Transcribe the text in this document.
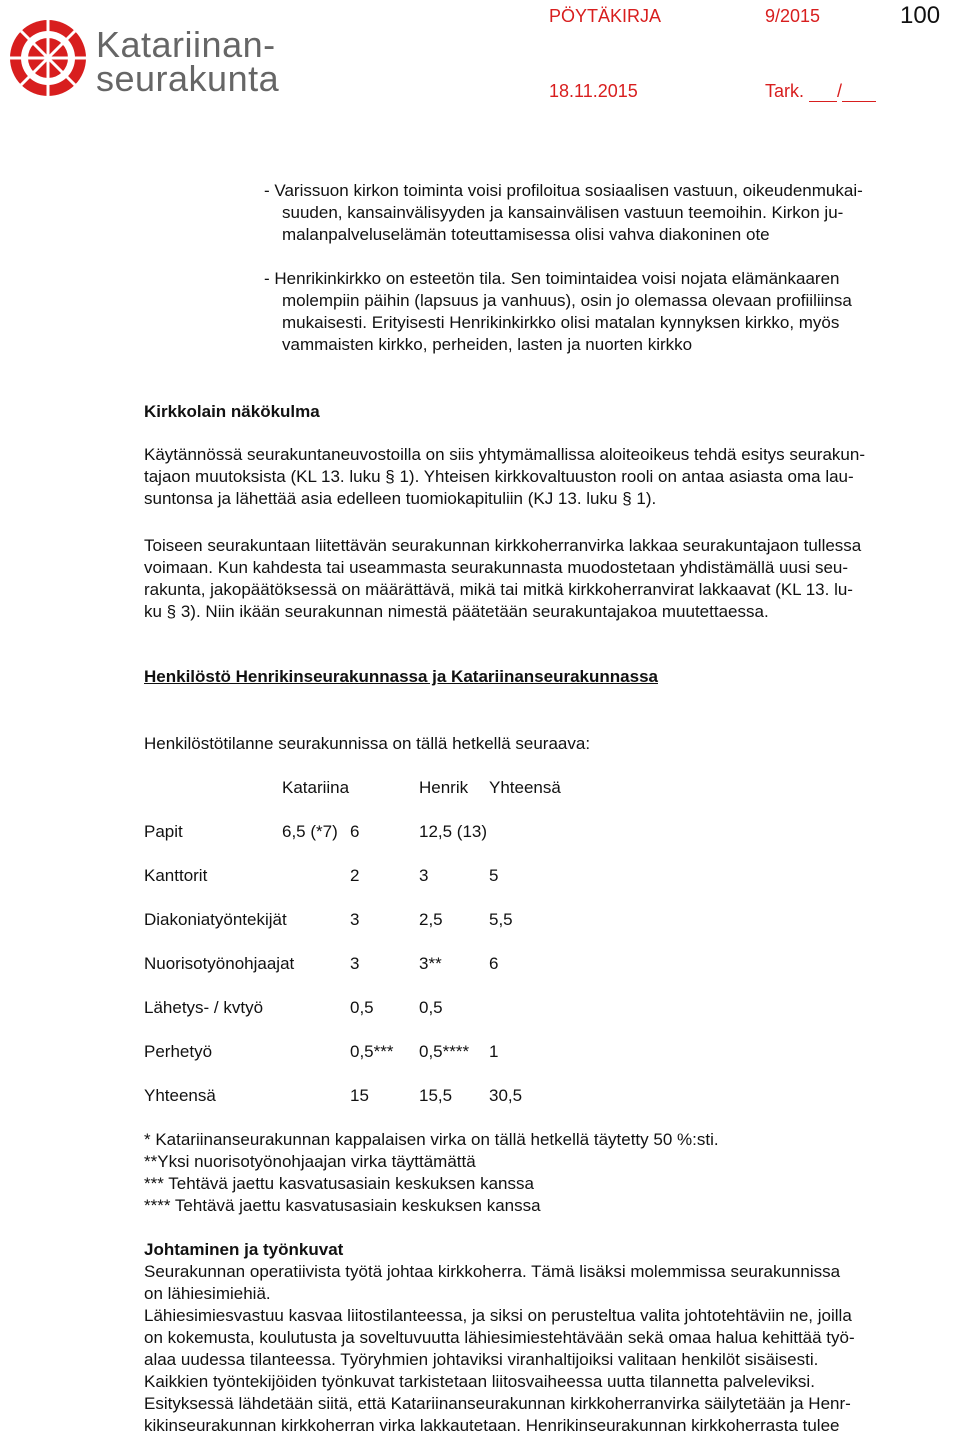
Katariinan-
seurakunta
PÖYTÄKIRJA	9/2015	100
18.11.2015	Tark. /
- Varissuon kirkon toiminta voisi profiloitua sosiaalisen vastuun, oikeudenmukai-
suuden, kansainvälisyyden ja kansainvälisen vastuun teemoihin. Kirkon ju-
malanpalveluselämän toteuttamisessa olisi vahva diakoninen ote
- Henrikinkirkko on esteetön tila. Sen toimintaidea voisi nojata elämänkaaren
molempiin päihin (lapsuus ja vanhuus), osin jo olemassa olevaan profiiliinsa
mukaisesti. Erityisesti Henrikinkirkko olisi matalan kynnyksen kirkko, myös
vammaisten kirkko, perheiden, lasten ja nuorten kirkko
Kirkkolain näkökulma
Käytännössä seurakuntaneuvostoilla on siis yhtymämallissa aloiteoikeus tehdä esitys seurakun-
tajaon muutoksista (KL 13. luku § 1). Yhteisen kirkkovaltuuston rooli on antaa asiasta oma lau-
suntonsa ja lähettää asia edelleen tuomiokapituliin (KJ 13. luku § 1).
Toiseen seurakuntaan liitettävän seurakunnan kirkkoherranvirka lakkaa seurakuntajaon tullessa
voimaan. Kun kahdesta tai useammasta seurakunnasta muodostetaan yhdistämällä uusi seu-
rakunta, jakopäätöksessä on määrättävä, mikä tai mitkä kirkkoherranvirat lakkaavat (KL 13. lu-
ku § 3). Niin ikään seurakunnan nimestä päätetään seurakuntajakoa muutettaessa.
Henkilöstö Henrikinseurakunnassa ja Katariinanseurakunnassa
Henkilöstötilanne seurakunnissa on tällä hetkellä seuraava:
Katariina	Henrik Yhteensä
Papit	6,5 (*7) 6	12,5 (13)
Kanttorit	2	3	5
Diakoniatyöntekijät	3	2,5	5,5
Nuorisotyönohjaajat	3	3**	6
Lähetys- / kvtyö	0,5	0,5
Perhetyö	0,5*** 0,5**** 1
Yhteensä	15	15,5 30,5
* Katariinanseurakunnan kappalaisen virka on tällä hetkellä täytetty 50 %:sti.
**Yksi nuorisotyönohjaajan virka täyttämättä
*** Tehtävä jaettu kasvatusasiain keskuksen kanssa
**** Tehtävä jaettu kasvatusasiain keskuksen kanssa
Johtaminen ja työnkuvat
Seurakunnan operatiivista työtä johtaa kirkkoherra. Tämä lisäksi molemmissa seurakunnissa
on lähiesimiehiä.
Lähiesimiesvastuu kasvaa liitostilanteessa, ja siksi on perusteltua valita johtotehtäviin ne, joilla
on kokemusta, koulutusta ja soveltuvuutta lähiesimiestehtävään sekä omaa halua kehittää työ-
alaa uudessa tilanteessa. Työryhmien johtaviksi viranhaltijoiksi valitaan henkilöt sisäisesti.
Kaikkien työntekijöiden työnkuvat tarkistetaan liitosvaiheessa uutta tilannetta palveleviksi.
Esityksessä lähdetään siitä, että Katariinanseurakunnan kirkkoherranvirka säilytetään ja Henr-
kikinseurakunnan kirkkoherran virka lakkautetaan. Henrikinseurakunnan kirkkoherrasta tulee
